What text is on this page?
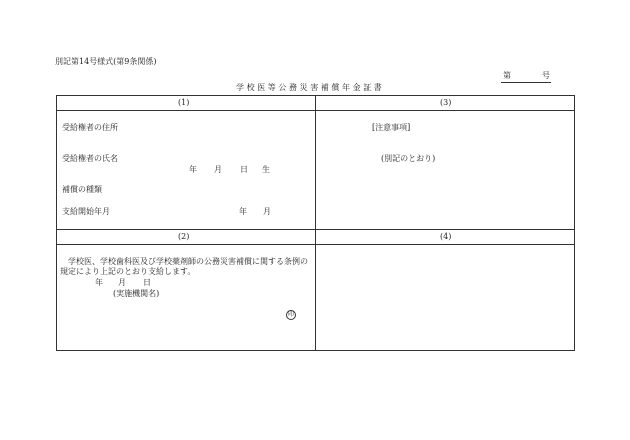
別記第14号様式(第9条関係)
第	号
学校医等公務災害補償年金証書
(1)	(3)
(2)	(4)
受給権者の住所
受給権者の氏名
年 月 日 生
補償の種類
支給開始年月	年 月
[注意事項]
(別記のとおり)
学校医、学校歯科医及び学校薬剤師の公務災害補償に関する条例の
規定により上記のとおり支給します。
年 月 日
(実施機関名)
印
